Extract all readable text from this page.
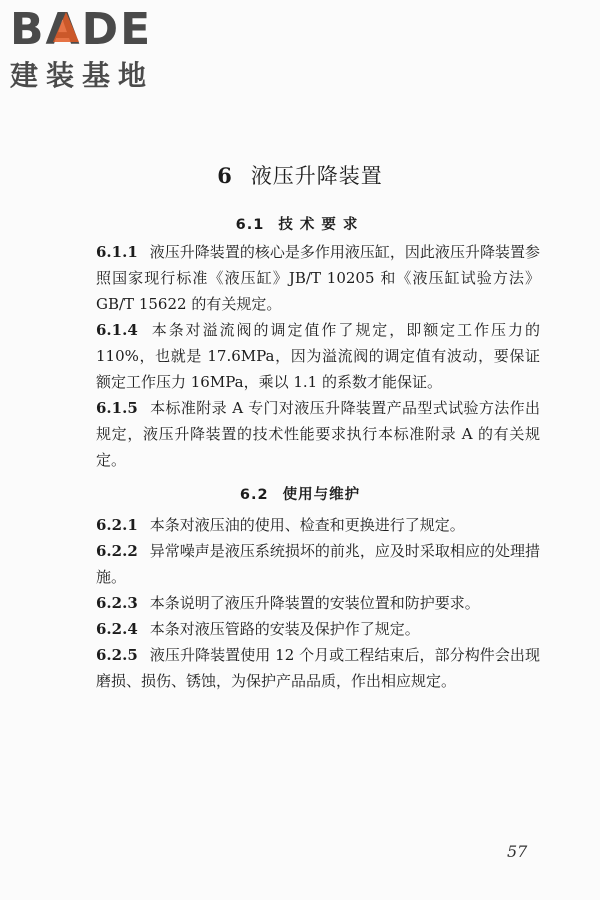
BADE
建装基地
6 液压升降装置
6.1 技术要求

6.1.1 液压升降装置的核心是多作用液压缸，因此液压升降装置参照国家现行标准《液压缸》JB/T 10205 和《液压缸试验方法》GB/T 15622 的有关规定。

6.1.4 本条对溢流阀的调定值作了规定，即额定工作压力的 110%，也就是 17.6MPa，因为溢流阀的调定值有波动，要保证额定工作压力 16MPa，乘以 1.1 的系数才能保证。

6.1.5 本标准附录 A 专门对液压升降装置产品型式试验方法作出规定，液压升降装置的技术性能要求执行本标准附录 A 的有关规定。

6.2 使用与维护

6.2.1 本条对液压油的使用、检查和更换进行了规定。

6.2.2 异常噪声是液压系统损坏的前兆，应及时采取相应的处理措施。

6.2.3 本条说明了液压升降装置的安装位置和防护要求。

6.2.4 本条对液压管路的安装及保护作了规定。

6.2.5 液压升降装置使用 12 个月或工程结束后，部分构件会出现磨损、损伤、锈蚀，为保护产品品质，作出相应规定。

57
